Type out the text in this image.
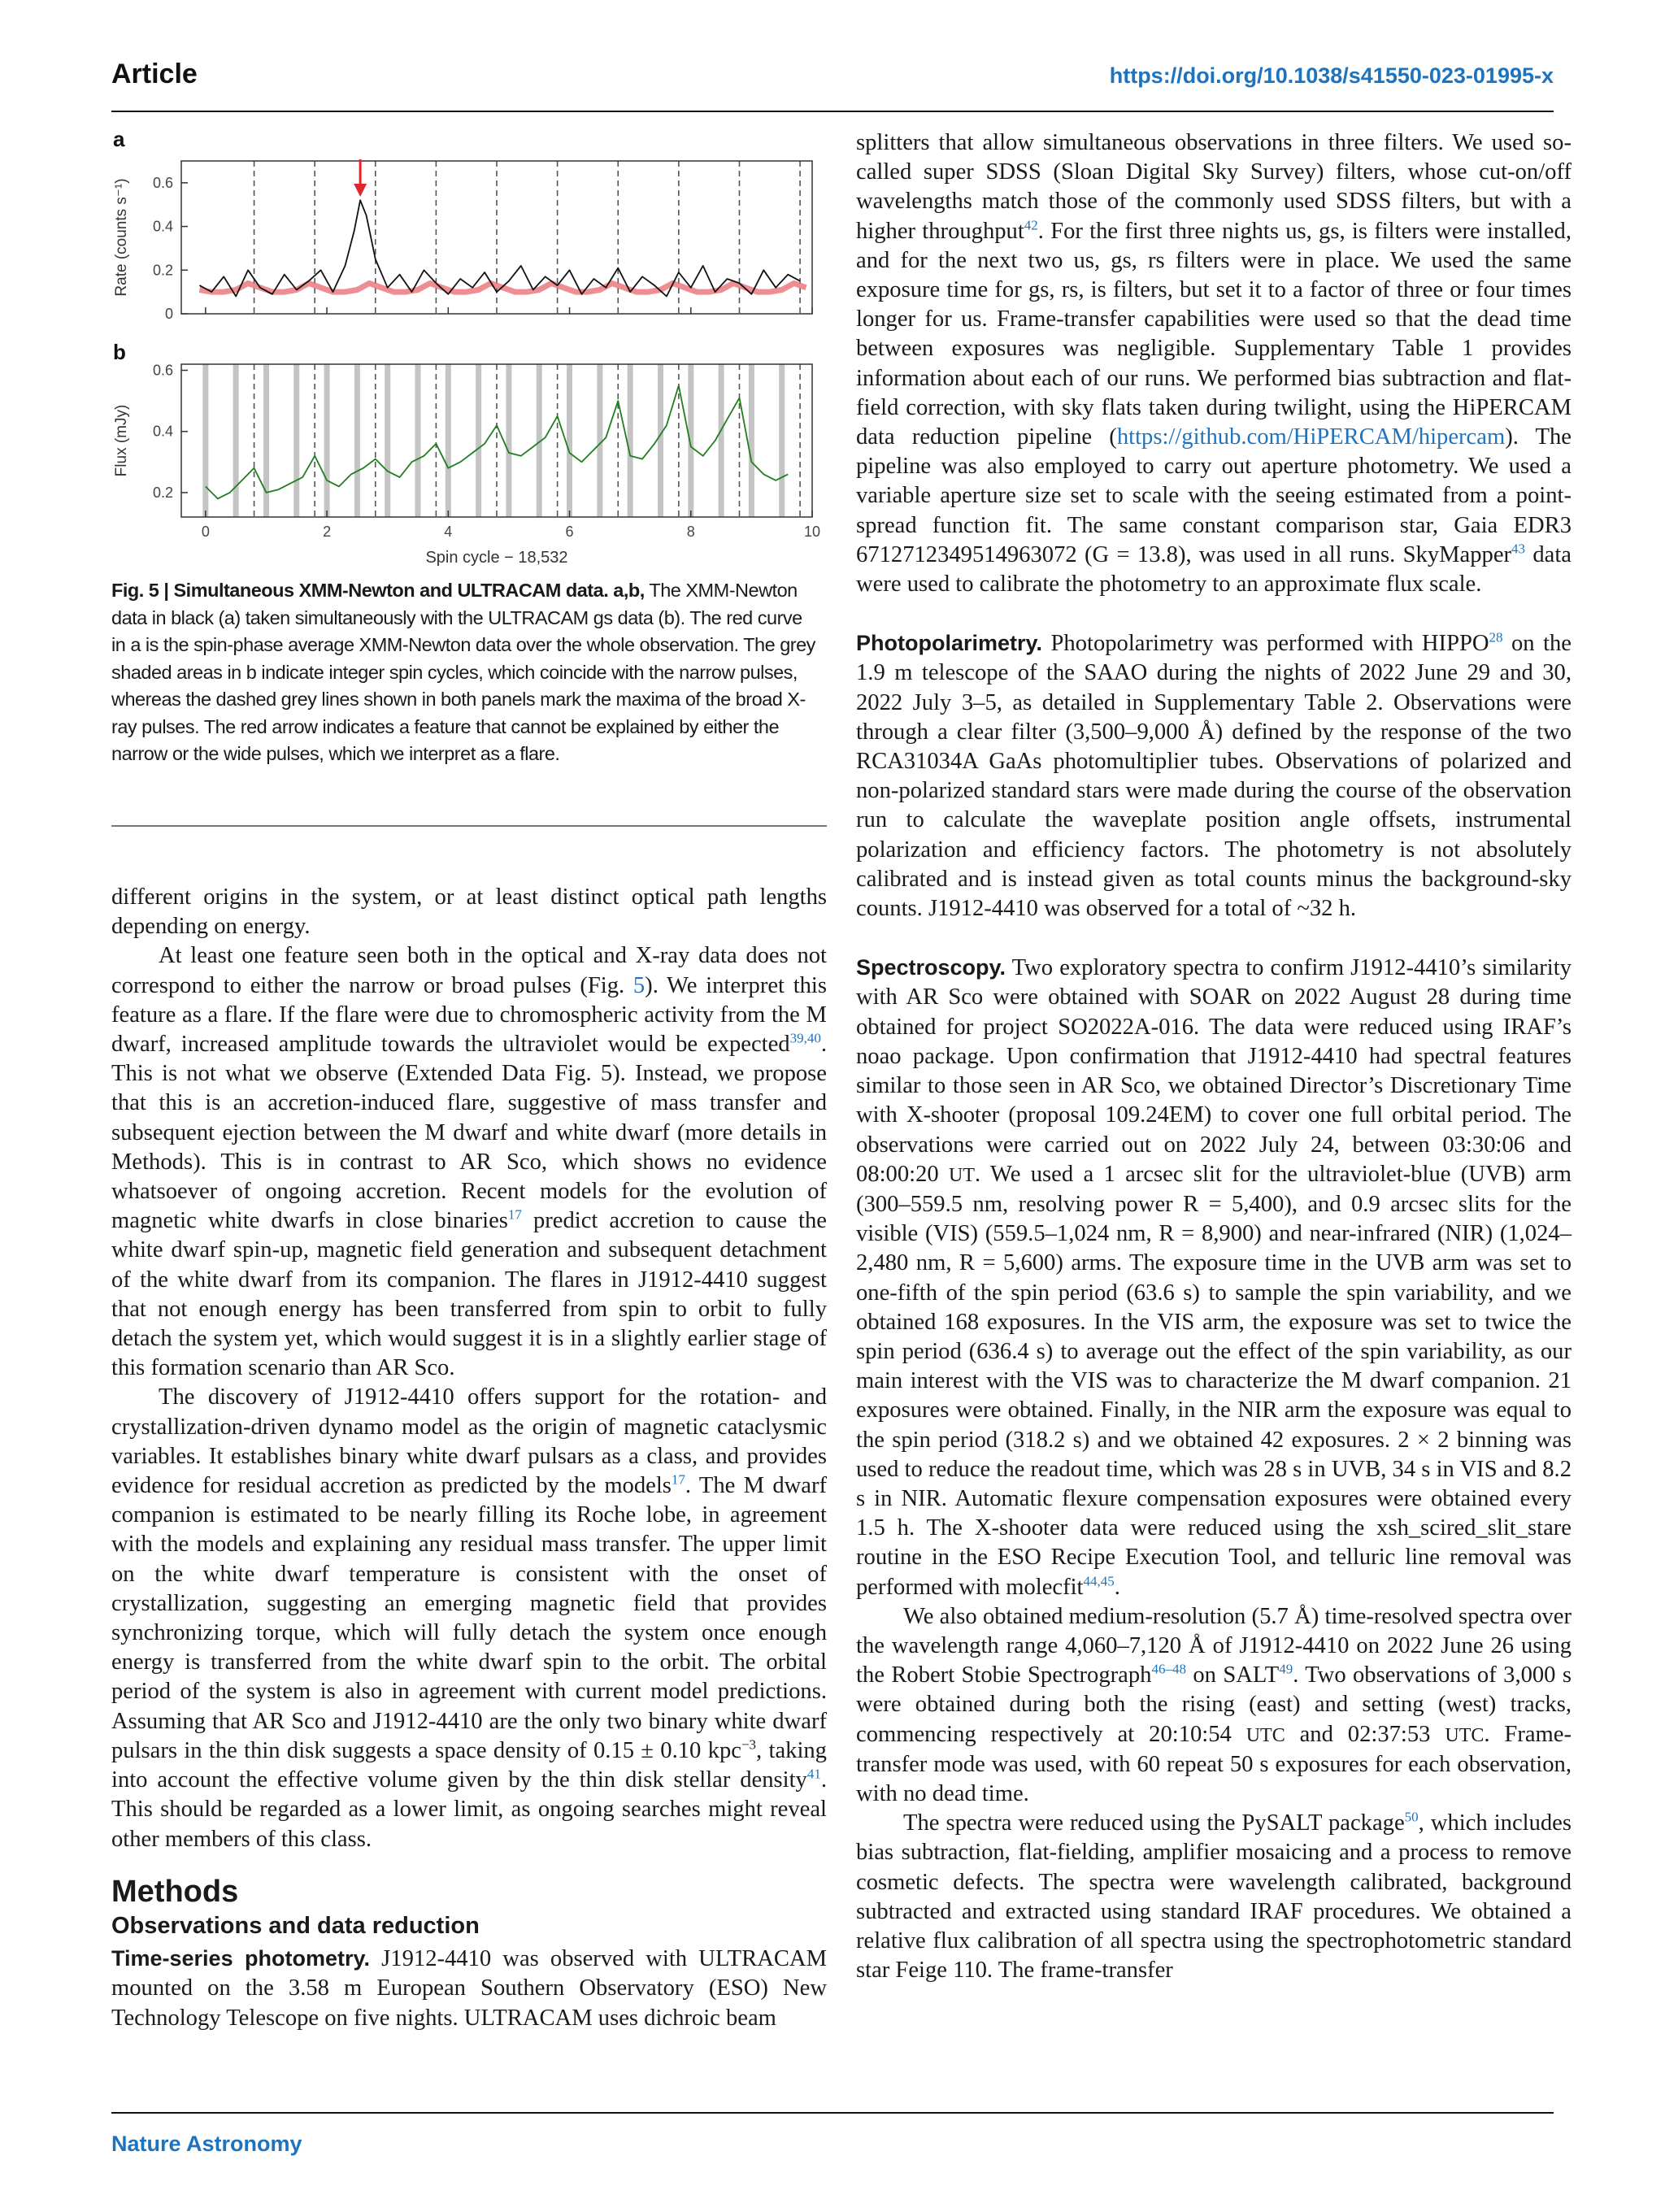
Article	https://doi.org/10.1038/s41550-023-01995-x
0
0.2
0.4
0.6
Rate (counts s⁻¹)
a
0.2
0.4
0.6
0	2	4	6	8	10
Flux (mJy)
b
Spin cycle − 18,532
Fig. 5 | Simultaneous XMM-Newton and ULTRACAM data. a,b, The XMM-Newton data in black (a) taken simultaneously with the ULTRACAM gs data (b). The red curve in a is the spin-phase average XMM-Newton data over the whole observation. The grey shaded areas in b indicate integer spin cycles, which coincide with the narrow pulses, whereas the dashed grey lines shown in both panels mark the maxima of the broad X-ray pulses. The red arrow indicates a feature that cannot be explained by either the narrow or the wide pulses, which we interpret as a flare.

different origins in the system, or at least distinct optical path lengths depending on energy.

At least one feature seen both in the optical and X-ray data does not correspond to either the narrow or broad pulses (Fig. 5). We interpret this feature as a flare. If the flare were due to chromospheric activity from the M dwarf, increased amplitude towards the ultraviolet would be expected$^{39,40}$. This is not what we observe (Extended Data Fig. 5). Instead, we propose that this is an accretion-induced flare, suggestive of mass transfer and subsequent ejection between the M dwarf and white dwarf (more details in Methods). This is in contrast to AR Sco, which shows no evidence whatsoever of ongoing accretion. Recent models for the evolution of magnetic white dwarfs in close binaries$^{17}$ predict accretion to cause the white dwarf spin-up, magnetic field generation and subsequent detachment of the white dwarf from its companion. The flares in J1912-4410 suggest that not enough energy has been transferred from spin to orbit to fully detach the system yet, which would suggest it is in a slightly earlier stage of this formation scenario than AR Sco.

The discovery of J1912-4410 offers support for the rotation- and crystallization-driven dynamo model as the origin of magnetic cataclysmic variables. It establishes binary white dwarf pulsars as a class, and provides evidence for residual accretion as predicted by the models$^{17}$. The M dwarf companion is estimated to be nearly filling its Roche lobe, in agreement with the models and explaining any residual mass transfer. The upper limit on the white dwarf temperature is consistent with the onset of crystallization, suggesting an emerging magnetic field that provides synchronizing torque, which will fully detach the system once enough energy is transferred from the white dwarf spin to the orbit. The orbital period of the system is also in agreement with current model predictions. Assuming that AR Sco and J1912-4410 are the only two binary white dwarf pulsars in the thin disk suggests a space density of 0.15 ± 0.10 kpc$^{-3}$, taking into account the effective volume given by the thin disk stellar density$^{41}$. This should be regarded as a lower limit, as ongoing searches might reveal other members of this class.

Methods
Observations and data reduction

Time-series photometry. J1912-4410 was observed with ULTRACAM mounted on the 3.58 m European Southern Observatory (ESO) New Technology Telescope on five nights. ULTRACAM uses dichroic beam

splitters that allow simultaneous observations in three filters. We used so-called super SDSS (Sloan Digital Sky Survey) filters, whose cut-on/off wavelengths match those of the commonly used SDSS filters, but with a higher throughput$^{42}$. For the first three nights us, gs, is filters were installed, and for the next two us, gs, rs filters were in place. We used the same exposure time for gs, rs, is filters, but set it to a factor of three or four times longer for us. Frame-transfer capabilities were used so that the dead time between exposures was negligible. Supplementary Table 1 provides information about each of our runs. We performed bias subtraction and flat-field correction, with sky flats taken during twilight, using the HiPERCAM data reduction pipeline (https://github.com/HiPERCAM/hipercam). The pipeline was also employed to carry out aperture photometry. We used a variable aperture size set to scale with the seeing estimated from a point-spread function fit. The same constant comparison star, Gaia EDR3 6712712349514963072 (G = 13.8), was used in all runs. SkyMapper$^{43}$ data were used to calibrate the photometry to an approximate flux scale.

Photopolarimetry. Photopolarimetry was performed with HIPPO$^{28}$ on the 1.9 m telescope of the SAAO during the nights of 2022 June 29 and 30, 2022 July 3–5, as detailed in Supplementary Table 2. Observations were through a clear filter (3,500–9,000 Å) defined by the response of the two RCA31034A GaAs photomultiplier tubes. Observations of polarized and non-polarized standard stars were made during the course of the observation run to calculate the waveplate position angle offsets, instrumental polarization and efficiency factors. The photometry is not absolutely calibrated and is instead given as total counts minus the background-sky counts. J1912-4410 was observed for a total of ~32 h.

Spectroscopy. Two exploratory spectra to confirm J1912-4410’s similarity with AR Sco were obtained with SOAR on 2022 August 28 during time obtained for project SO2022A-016. The data were reduced using IRAF’s noao package. Upon confirmation that J1912-4410 had spectral features similar to those seen in AR Sco, we obtained Director’s Discretionary Time with X-shooter (proposal 109.24EM) to cover one full orbital period. The observations were carried out on 2022 July 24, between 03:30:06 and 08:00:20 UT. We used a 1 arcsec slit for the ultraviolet-blue (UVB) arm (300–559.5 nm, resolving power R = 5,400), and 0.9 arcsec slits for the visible (VIS) (559.5–1,024 nm, R = 8,900) and near-infrared (NIR) (1,024–2,480 nm, R = 5,600) arms. The exposure time in the UVB arm was set to one-fifth of the spin period (63.6 s) to sample the spin variability, and we obtained 168 exposures. In the VIS arm, the exposure was set to twice the spin period (636.4 s) to average out the effect of the spin variability, as our main interest with the VIS was to characterize the M dwarf companion. 21 exposures were obtained. Finally, in the NIR arm the exposure was equal to the spin period (318.2 s) and we obtained 42 exposures. 2 × 2 binning was used to reduce the readout time, which was 28 s in UVB, 34 s in VIS and 8.2 s in NIR. Automatic flexure compensation exposures were obtained every 1.5 h. The X-shooter data were reduced using the xsh_scired_slit_stare routine in the ESO Recipe Execution Tool, and telluric line removal was performed with molecfit$^{44,45}$.

We also obtained medium-resolution (5.7 Å) time-resolved spectra over the wavelength range 4,060–7,120 Å of J1912-4410 on 2022 June 26 using the Robert Stobie Spectrograph$^{46-48}$ on SALT$^{49}$. Two observations of 3,000 s were obtained during both the rising (east) and setting (west) tracks, commencing respectively at 20:10:54 UTC and 02:37:53 UTC. Frame-transfer mode was used, with 60 repeat 50 s exposures for each observation, with no dead time.

The spectra were reduced using the PySALT package$^{50}$, which includes bias subtraction, flat-fielding, amplifier mosaicing and a process to remove cosmetic defects. The spectra were wavelength calibrated, background subtracted and extracted using standard IRAF procedures. We obtained a relative flux calibration of all spectra using the spectrophotometric standard star Feige 110. The frame-transfer

Nature Astronomy
